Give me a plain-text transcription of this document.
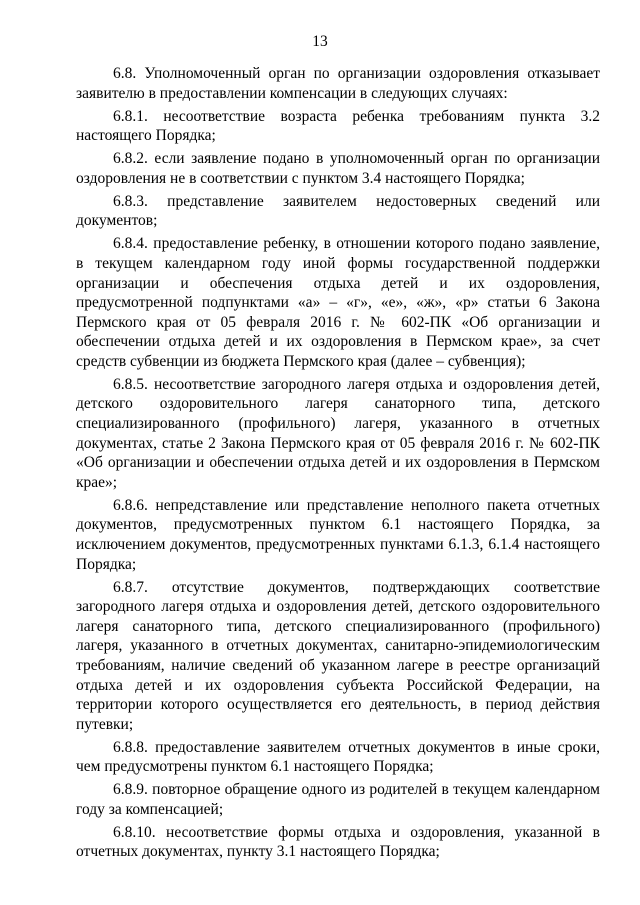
13

6.8. Уполномоченный орган по организации оздоровления отказывает заявителю в предоставлении компенсации в следующих случаях:

6.8.1. несоответствие возраста ребенка требованиям пункта 3.2 настоящего Порядка;

6.8.2. если заявление подано в уполномоченный орган по организации оздоровления не в соответствии с пунктом 3.4 настоящего Порядка;

6.8.3. представление заявителем недостоверных сведений или документов;

6.8.4. предоставление ребенку, в отношении которого подано заявление, в текущем календарном году иной формы государственной поддержки организации и обеспечения отдыха детей и их оздоровления, предусмотренной подпунктами «а» – «г», «е», «ж», «р» статьи 6 Закона Пермского края от 05 февраля 2016 г. № 602-ПК «Об организации и обеспечении отдыха детей и их оздоровления в Пермском крае», за счет средств субвенции из бюджета Пермского края (далее – субвенция);

6.8.5. несоответствие загородного лагеря отдыха и оздоровления детей, детского оздоровительного лагеря санаторного типа, детского специализированного (профильного) лагеря, указанного в отчетных документах, статье 2 Закона Пермского края от 05 февраля 2016 г. № 602-ПК «Об организации и обеспечении отдыха детей и их оздоровления в Пермском крае»;

6.8.6. непредставление или представление неполного пакета отчетных документов, предусмотренных пунктом 6.1 настоящего Порядка, за исключением документов, предусмотренных пунктами 6.1.3, 6.1.4 настоящего Порядка;

6.8.7. отсутствие документов, подтверждающих соответствие загородного лагеря отдыха и оздоровления детей, детского оздоровительного лагеря санаторного типа, детского специализированного (профильного) лагеря, указанного в отчетных документах, санитарно-эпидемиологическим требованиям, наличие сведений об указанном лагере в реестре организаций отдыха детей и их оздоровления субъекта Российской Федерации, на территории которого осуществляется его деятельность, в период действия путевки;

6.8.8. предоставление заявителем отчетных документов в иные сроки, чем предусмотрены пунктом 6.1 настоящего Порядка;

6.8.9. повторное обращение одного из родителей в текущем календарном году за компенсацией;

6.8.10. несоответствие формы отдыха и оздоровления, указанной в отчетных документах, пункту 3.1 настоящего Порядка;
